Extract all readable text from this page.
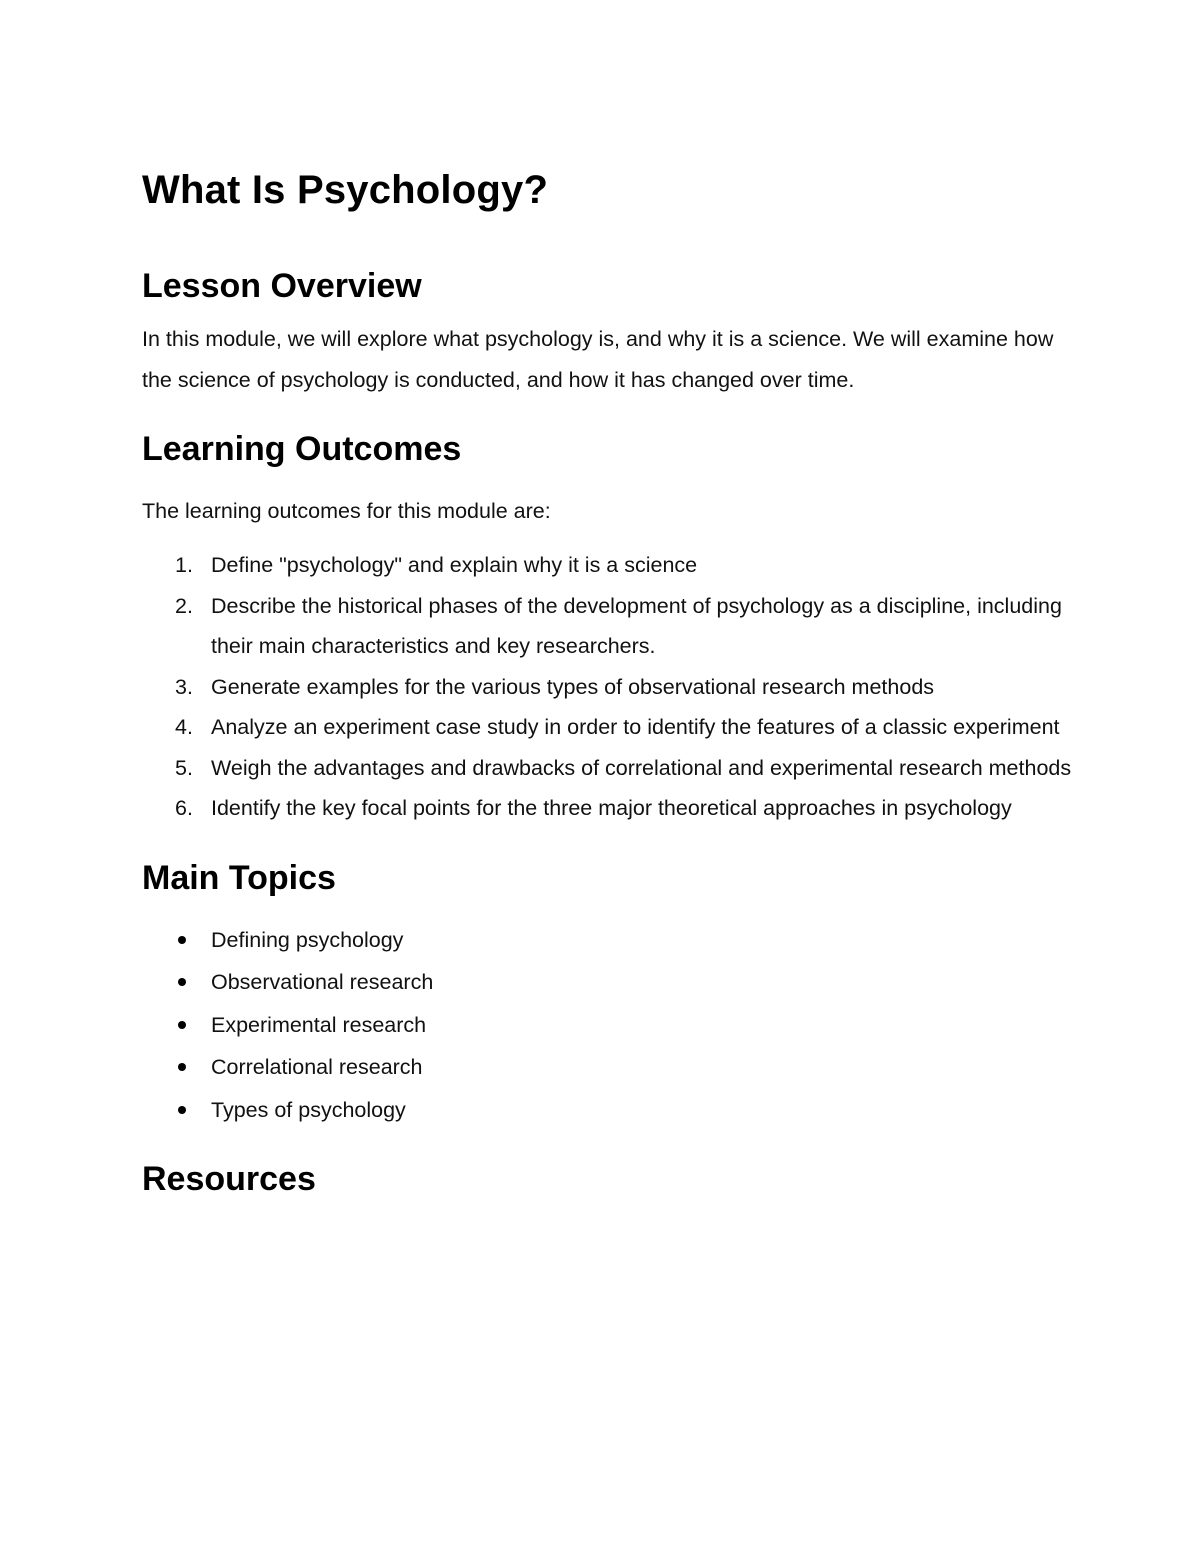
What Is Psychology?
Lesson Overview

In this module, we will explore what psychology is, and why it is a science. We will examine how the science of psychology is conducted, and how it has changed over time.

Learning Outcomes

The learning outcomes for this module are:

1. Define "psychology" and explain why it is a science
2. Describe the historical phases of the development of psychology as a discipline, including their main characteristics and key researchers.
3. Generate examples for the various types of observational research methods
4. Analyze an experiment case study in order to identify the features of a classic experiment
5. Weigh the advantages and drawbacks of correlational and experimental research methods
6. Identify the key focal points for the three major theoretical approaches in psychology
Main Topics
Defining psychology
Observational research
Experimental research
Correlational research
Types of psychology
Resources
